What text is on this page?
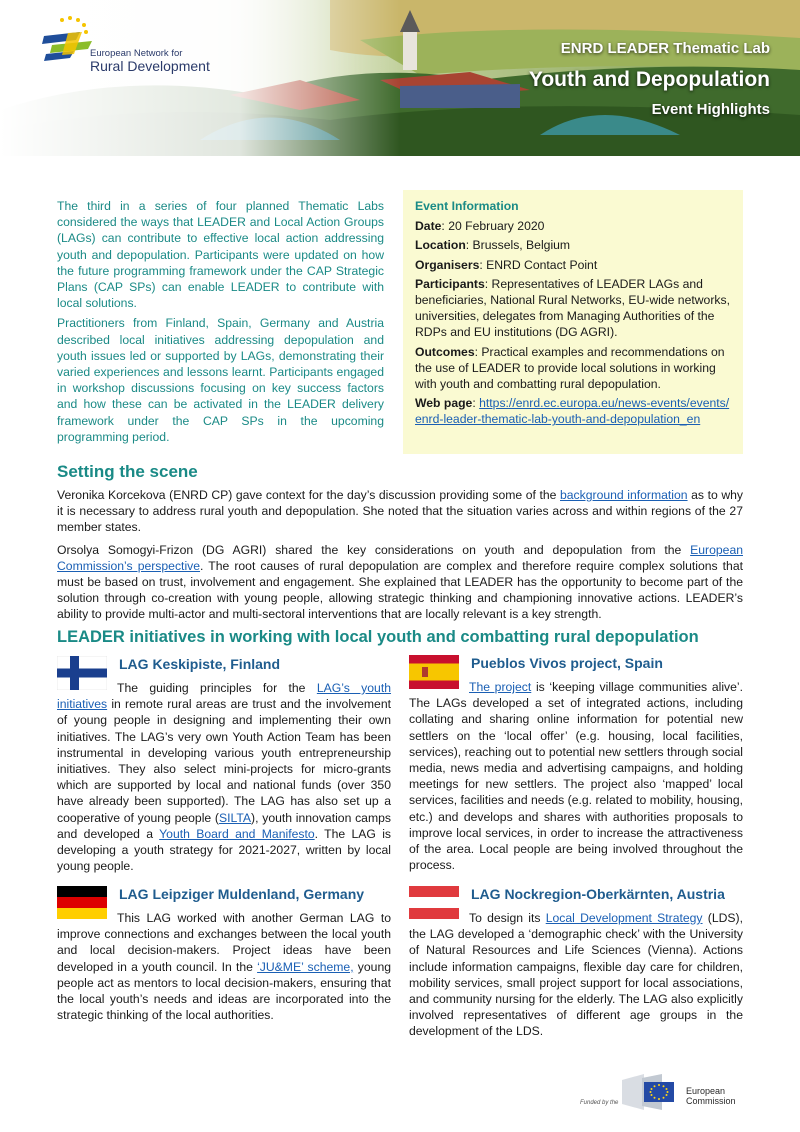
European Network for
Rural Development
ENRD LEADER Thematic Lab
Youth and Depopulation
Event Highlights

The third in a series of four planned Thematic Labs considered the ways that LEADER and Local Action Groups (LAGs) can contribute to effective local action addressing youth and depopulation. Participants were updated on how the future programming framework under the CAP Strategic Plans (CAP SPs) can enable LEADER to contribute with local solutions.

Practitioners from Finland, Spain, Germany and Austria described local initiatives addressing depopulation and youth issues led or supported by LAGs, demonstrating their varied experiences and lessons learnt. Participants engaged in workshop discussions focusing on key success factors and how these can be activated in the LEADER delivery framework under the CAP SPs in the upcoming programming period.

Event Information
Date: 20 February 2020
Location: Brussels, Belgium
Organisers: ENRD Contact Point
Participants: Representatives of LEADER LAGs and beneficiaries, National Rural Networks, EU-wide networks, universities, delegates from Managing Authorities of the RDPs and EU institutions (DG AGRI).
Outcomes: Practical examples and recommendations on the use of LEADER to provide local solutions in working with youth and combatting rural depopulation.
Web page: https://enrd.ec.europa.eu/news-events/events/enrd-leader-thematic-lab-youth-and-depopulation_en
Setting the scene

Veronika Korcekova (ENRD CP) gave context for the day’s discussion providing some of the background information as to why it is necessary to address rural youth and depopulation. She noted that the situation varies across and within regions of the 27 member states.

Orsolya Somogyi-Frizon (DG AGRI) shared the key considerations on youth and depopulation from the European Commission’s perspective. The root causes of rural depopulation are complex and therefore require complex solutions that must be based on trust, involvement and engagement. She explained that LEADER has the opportunity to become part of the solution through co-creation with young people, allowing strategic thinking and championing innovative actions. LEADER’s ability to provide multi-actor and multi-sectoral interventions that are locally relevant is a key strength.

LEADER initiatives in working with local youth and combatting rural depopulation
LAG Keskipiste, Finland

The guiding principles for the LAG’s youth initiatives in remote rural areas are trust and the involvement of young people in designing and implementing their own initiatives. The LAG’s very own Youth Action Team has been instrumental in developing various youth entrepreneurship initiatives. They also select mini-projects for micro-grants which are supported by local and national funds (over 350 have already been supported). The LAG has also set up a cooperative of young people (SILTA), youth innovation camps and developed a Youth Board and Manifesto. The LAG is developing a youth strategy for 2021-2027, written by local young people.

Pueblos Vivos project, Spain

The project is ‘keeping village communities alive’. The LAGs developed a set of integrated actions, including collating and sharing online information for potential new settlers on the ‘local offer’ (e.g. housing, local facilities, services), reaching out to potential new settlers through social media, news media and advertising campaigns, and holding meetings for new settlers. The project also ‘mapped’ local services, facilities and needs (e.g. related to mobility, housing, etc.) and develops and shares with authorities proposals to improve local services, in order to increase the attractiveness of the area. Local people are being involved throughout the process.

LAG Leipziger Muldenland, Germany

This LAG worked with another German LAG to improve connections and exchanges between the local youth and local decision-makers. Project ideas have been developed in a youth council. In the ‘JU&ME’ scheme, young people act as mentors to local decision-makers, ensuring that the local youth’s needs and ideas are incorporated into the strategic thinking of the local authorities.

LAG Nockregion-Oberkärnten, Austria

To design its Local Development Strategy (LDS), the LAG developed a ‘demographic check’ with the University of Natural Resources and Life Sciences (Vienna). Actions include information campaigns, flexible day care for children, mobility services, small project support for local associations, and community nursing for the elderly. The LAG also explicitly involved representatives of different age groups in the development of the LDS.

Funded by the
European
Commission
